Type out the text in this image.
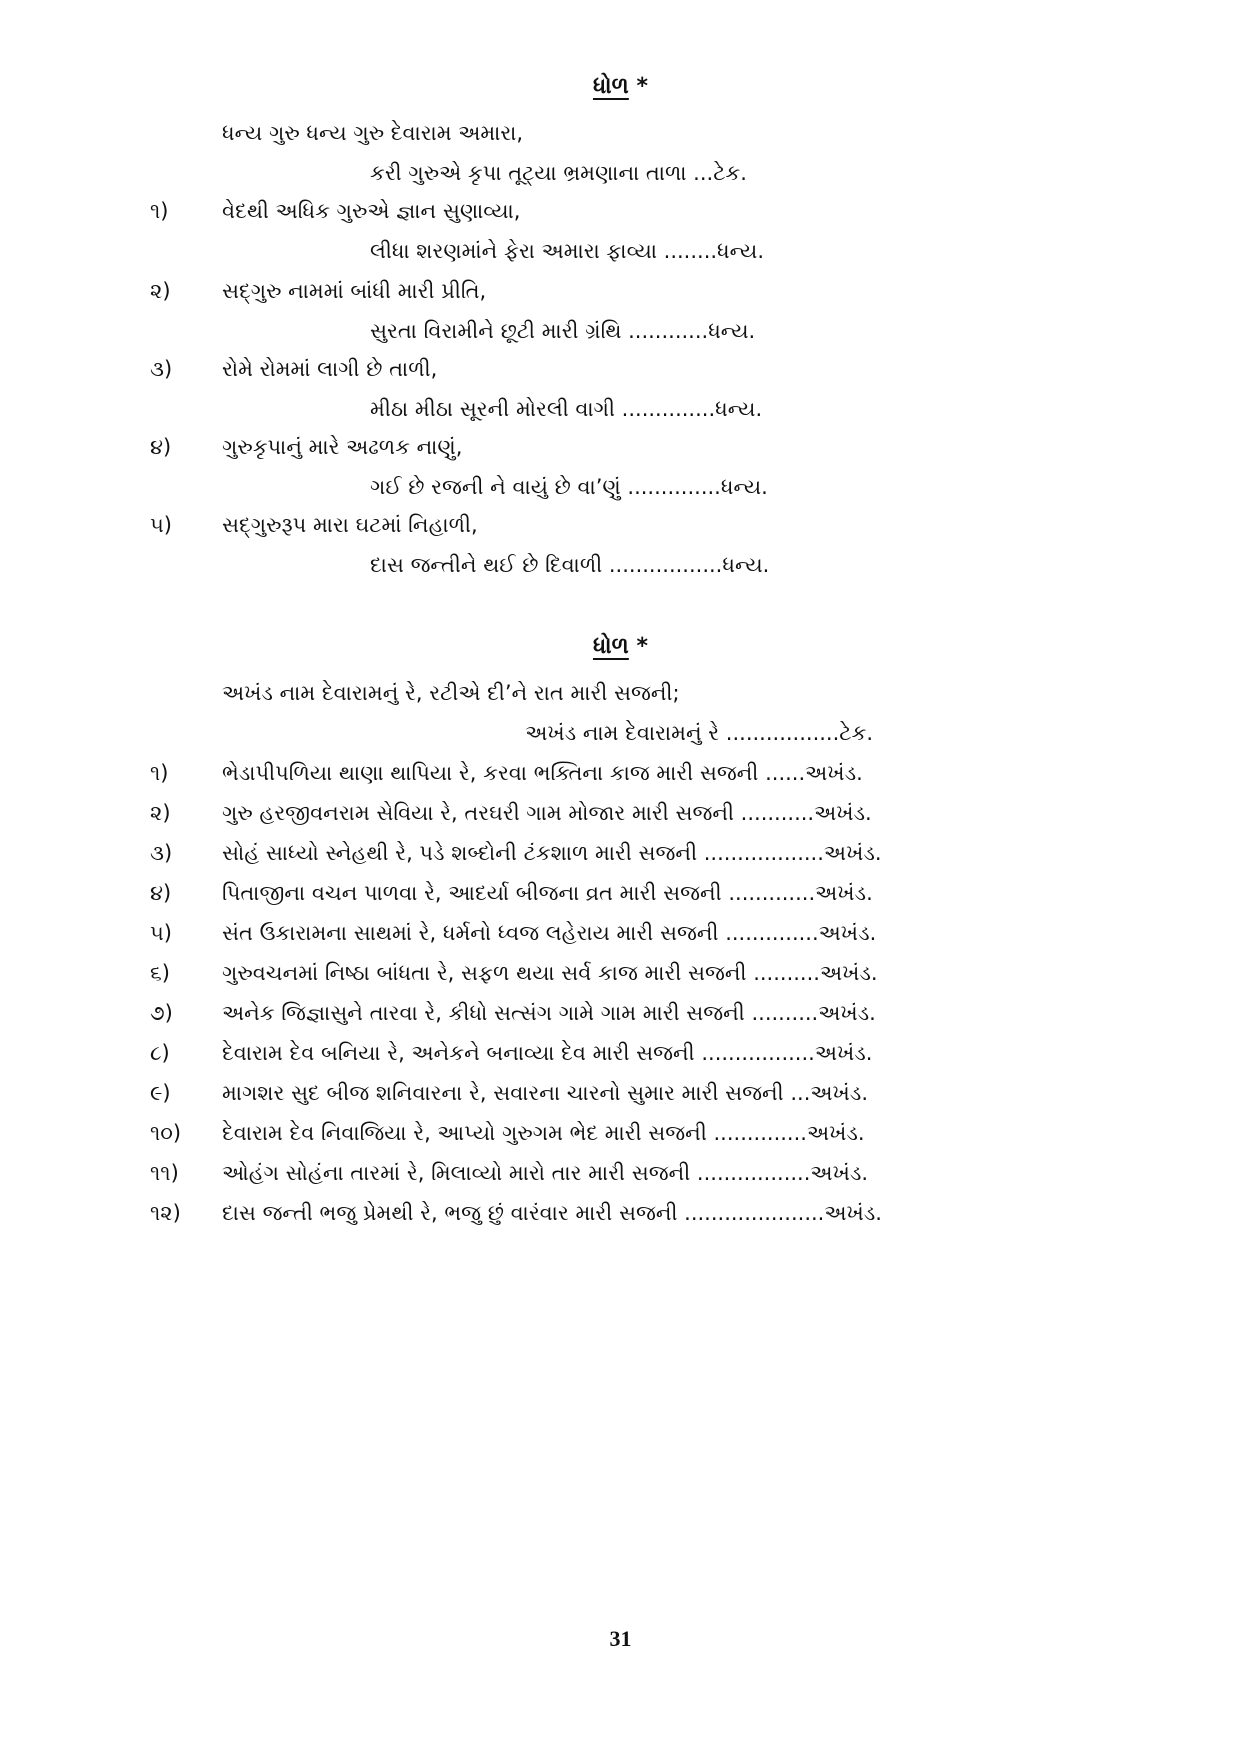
ધોળ *
ધન્ય ગુરુ ધન્ય ગુરુ દેવારામ અમારા,
કરી ગુરુએ કૃપા તૂટ્યા ભ્રમણાના તાળા ...ટેક.
૧)	વેદથી અધિક ગુરુએ જ્ઞાન સુણાવ્યા,
લીધા શરણમાંને ફેરા અમારા ફાવ્યા ........ધન્ય.
૨) સદ્‌ગુરુ નામમાં બાંધી મારી પ્રીતિ,
સુરતા વિરામીને છૂટી મારી ગ્રંથિ ............ધન્ય.
૩) રોમે રોમમાં લાગી છે તાળી,
મીઠા મીઠા સૂરની મોરલી વાગી ..............ધન્ય.
૪) ગુરુકૃપાનું મારે અઢળક નાણું,
ગઈ છે રજની ને વાયું છે વા’ણું ..............ધન્ય.
૫) સદ્‌ગુરુરૂપ મારા ઘટમાં નિહાળી,
દાસ જન્તીને થઈ છે દિવાળી .................ધન્ય.
ધોળ *
અખંડ નામ દેવારામનું રે, રટીએ દી’ને રાત મારી સજની;
અખંડ નામ દેવારામનું રે .................ટેક.
૧)	ભેડાપીપળિયા થાણા થાપિયા રે, કરવા ભક્તિના કાજ મારી સજની ......અખંડ.
૨) ગુરુ હરજીવનરામ સેવિયા રે, તરઘરી ગામ મોજાર મારી સજની ...........અખંડ.
૩) સોહં સાધ્યો સ્નેહથી રે, પડે શબ્દોની ટંકશાળ મારી સજની ..................અખંડ.
૪) પિતાજીના વચન પાળવા રે, આદર્યા બીજના વ્રત મારી સજની .............અખંડ.
૫) સંત ઉકારામના સાથમાં રે, ધર્મનો ધ્વજ લહેરાય મારી સજની ..............અખંડ.
૬) ગુરુવચનમાં નિષ્ઠા બાંધતા રે, સફળ થયા સર્વ કાજ મારી સજની ..........અખંડ.
૭) અનેક જિજ્ઞાસુને તારવા રે, કીધો સત્સંગ ગામે ગામ મારી સજની ..........અખંડ.
૮) દેવારામ દેવ બનિયા રે, અનેકને બનાવ્યા દેવ મારી સજની .................અખંડ.
૯) માગશર સુદ બીજ શનિવારના રે, સવારના ચારનો સુમાર મારી સજની ...અખંડ.
૧૦) દેવારામ દેવ નિવાજિયા રે, આપ્યો ગુરુગમ ભેદ મારી સજની ..............અખંડ.
૧૧) ઓહંગ સોહંના તારમાં રે, મિલાવ્યો મારો તાર મારી સજની .................અખંડ.
૧૨) દાસ જન્તી ભજુ પ્રેમથી રે, ભજુ છું વારંવાર મારી સજની .....................અખંડ.
31
